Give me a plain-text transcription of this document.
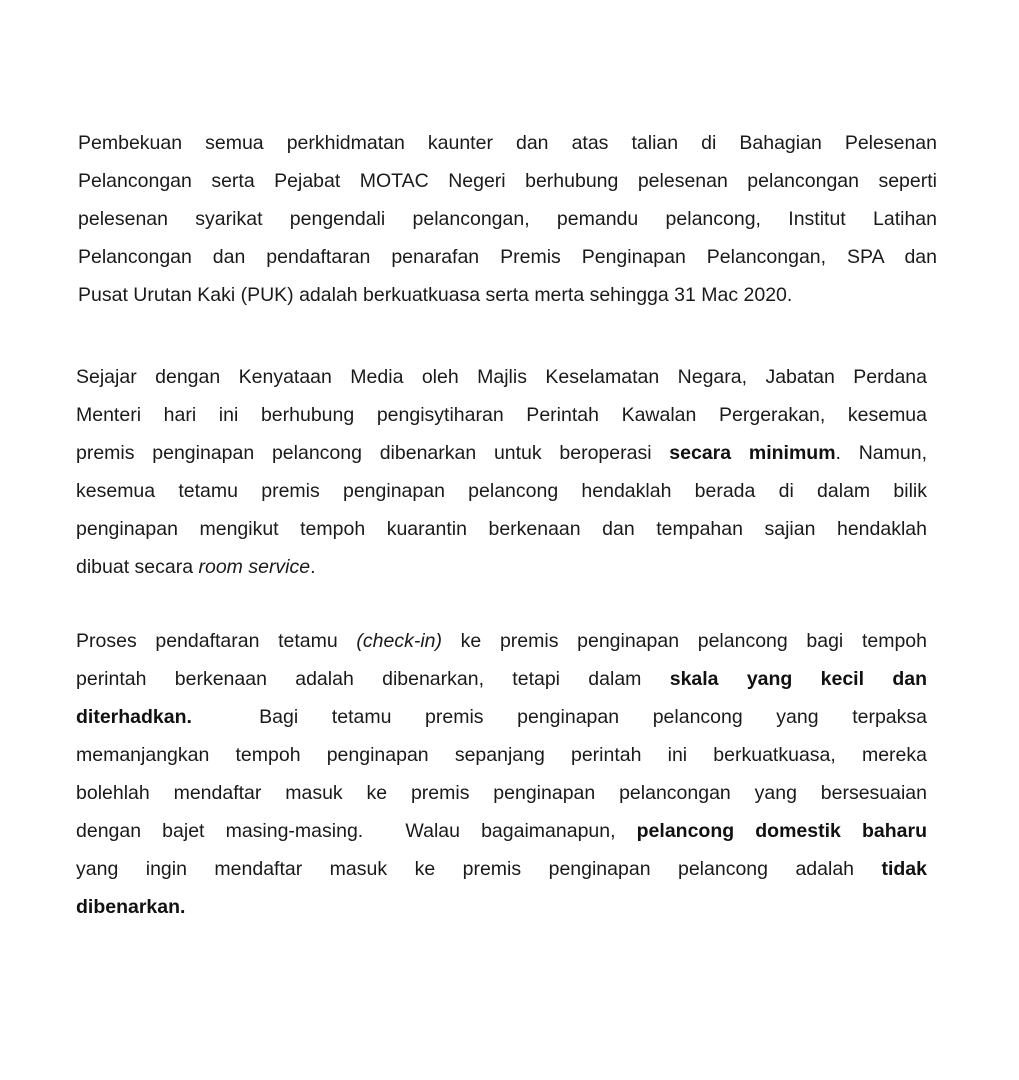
Pembekuan semua perkhidmatan kaunter dan atas talian di Bahagian Pelesenan
Pelancongan serta Pejabat MOTAC Negeri berhubung pelesenan pelancongan seperti
pelesenan syarikat pengendali pelancongan, pemandu pelancong, Institut Latihan
Pelancongan dan pendaftaran penarafan Premis Penginapan Pelancongan, SPA dan
Pusat Urutan Kaki (PUK) adalah berkuatkuasa serta merta sehingga 31 Mac 2020.
Sejajar dengan Kenyataan Media oleh Majlis Keselamatan Negara, Jabatan Perdana
Menteri hari ini berhubung pengisytiharan Perintah Kawalan Pergerakan, kesemua
premis penginapan pelancong dibenarkan untuk beroperasi secara minimum. Namun,
kesemua tetamu premis penginapan pelancong hendaklah berada di dalam bilik
penginapan mengikut tempoh kuarantin berkenaan dan tempahan sajian hendaklah
dibuat secara room service.
Proses pendaftaran tetamu (check-in) ke premis penginapan pelancong bagi tempoh
perintah berkenaan adalah dibenarkan, tetapi dalam skala yang kecil dan
diterhadkan.  Bagi tetamu premis penginapan pelancong yang terpaksa
memanjangkan tempoh penginapan sepanjang perintah ini berkuatkuasa, mereka
bolehlah mendaftar masuk ke premis penginapan pelancongan yang bersesuaian
dengan bajet masing-masing.  Walau bagaimanapun, pelancong domestik baharu
yang ingin mendaftar masuk ke premis penginapan pelancong adalah tidak
dibenarkan.
